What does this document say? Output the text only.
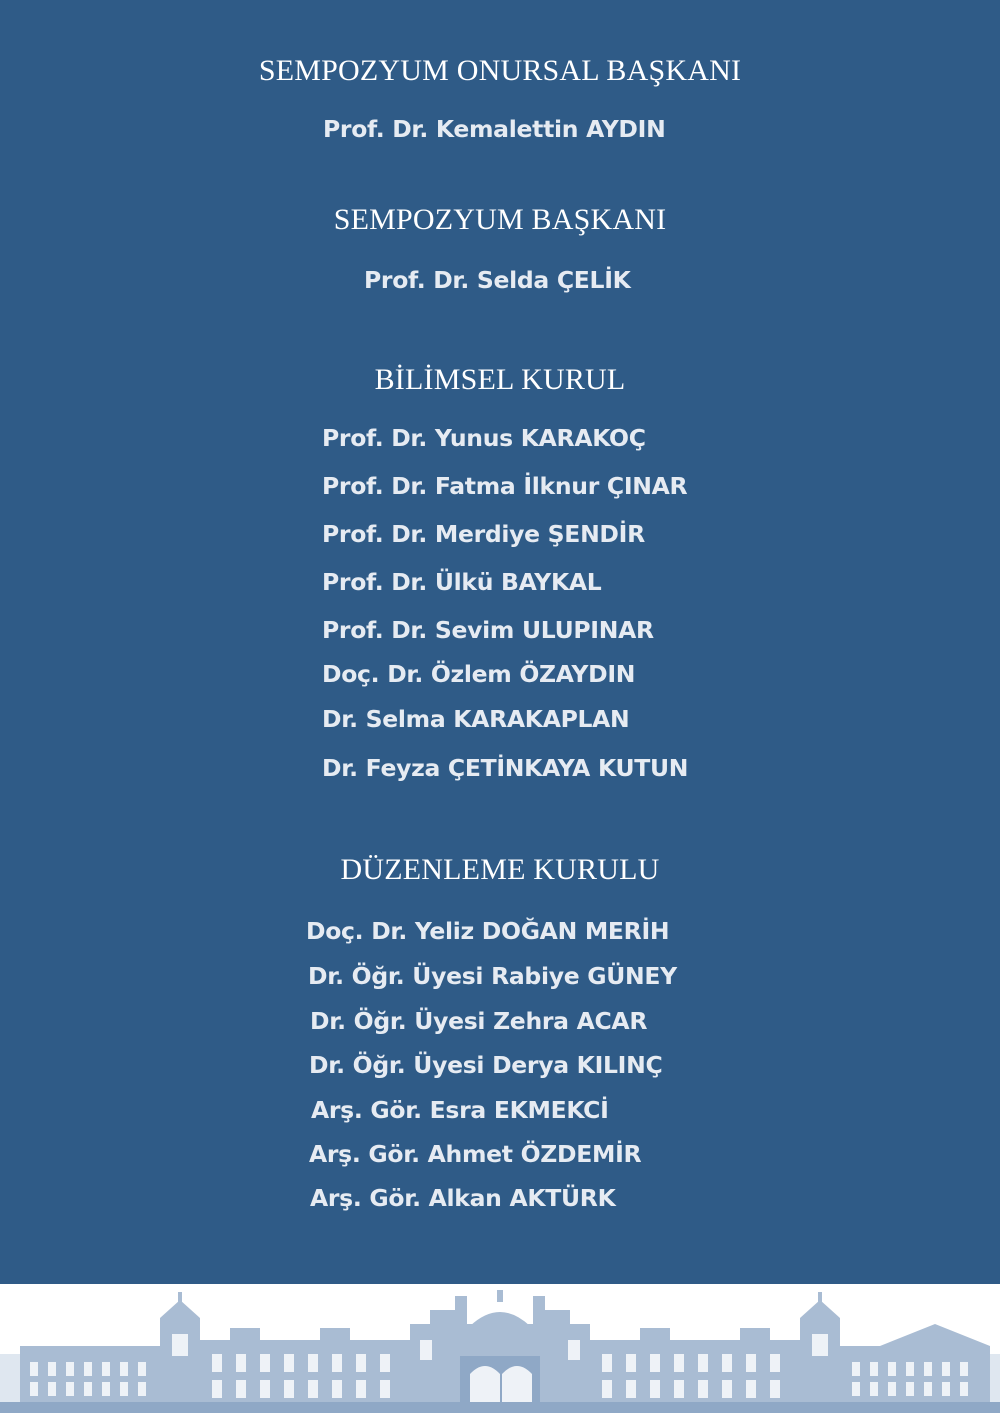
SEMPOZYUM ONURSAL BAŞKANI
Prof. Dr. Kemalettin AYDIN
SEMPOZYUM BAŞKANI
Prof. Dr. Selda ÇELİK
BİLİMSEL KURUL
Prof. Dr. Yunus KARAKOÇ
Prof. Dr. Fatma İlknur ÇINAR
Prof. Dr. Merdiye ŞENDİR
Prof. Dr. Ülkü BAYKAL
Prof. Dr. Sevim ULUPINAR
Doç. Dr. Özlem ÖZAYDIN
Dr. Selma KARAKAPLAN
Dr. Feyza ÇETİNKAYA KUTUN
DÜZENLEME KURULU
Doç. Dr. Yeliz DOĞAN MERİH
Dr. Öğr. Üyesi Rabiye GÜNEY
Dr. Öğr. Üyesi Zehra ACAR
Dr. Öğr. Üyesi Derya KILINÇ
Arş. Gör. Esra EKMEKCİ
Arş. Gör. Ahmet ÖZDEMİR
Arş. Gör. Alkan AKTÜRK
